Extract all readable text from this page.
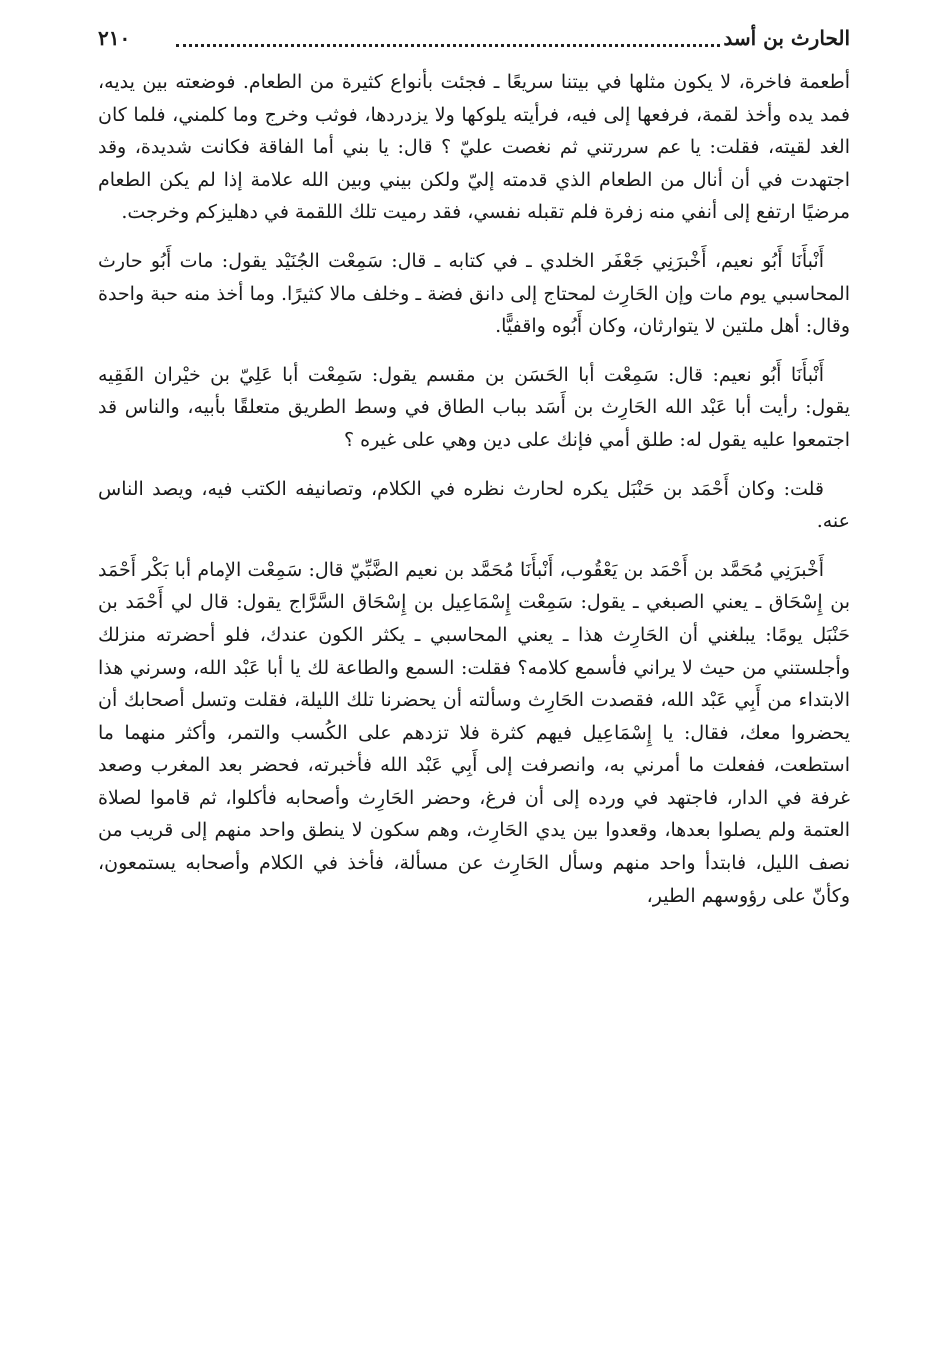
الحارث بن أسد
٢١٠

أطعمة فاخرة، لا يكون مثلها في بيتنا سريعًا ـ فجئت بأنواع كثيرة من الطعام. فوضعته بين يديه، فمد يده وأخذ لقمة، فرفعها إلى فيه، فرأيته يلوكها ولا يزدردها، فوثب وخرج وما كلمني، فلما كان الغد لقيته، فقلت: يا عم سررتني ثم نغصت عليّ ؟ قال: يا بني أما الفاقة فكانت شديدة، وقد اجتهدت في أن أنال من الطعام الذي قدمته إليّ ولكن بيني وبين الله علامة إذا لم يكن الطعام مرضيًا ارتفع إلى أنفي منه زفرة فلم تقبله نفسي، فقد رميت تلك اللقمة في دهليزكم وخرجت.

أَنْبأَنَا أَبُو نعيم، أَخْبرَنِي جَعْفَر الخلدي ـ في كتابه ـ قال: سَمِعْت الجُنَيْد يقول: مات أَبُو حارث المحاسبي يوم مات وإن الحَارِث لمحتاج إلى دانق فضة ـ وخلف مالا كثيرًا. وما أخذ منه حبة واحدة وقال: أهل ملتين لا يتوارثان، وكان أَبُوه واقفيًّا.

أَنْبأَنَا أَبُو نعيم: قال: سَمِعْت أبا الحَسَن بن مقسم يقول: سَمِعْت أبا عَلِيّ بن خيْران الفَقِيه يقول: رأيت أبا عَبْد الله الحَارِث بن أَسَد بباب الطاق في وسط الطريق متعلقًا بأبيه، والناس قد اجتمعوا عليه يقول له: طلق أمي فإنك على دين وهي على غيره ؟

قلت: وكان أَحْمَد بن حَنْبَل يكره لحارث نظره في الكلام، وتصانيفه الكتب فيه، ويصد الناس عنه.

أَخْبرَنِي مُحَمَّد بن أَحْمَد بن يَعْقُوب، أَنْبأَنَا مُحَمَّد بن نعيم الضَّبِّيّ قال: سَمِعْت الإمام أبا بَكْر أَحْمَد بن إِسْحَاق ـ يعني الصبغي ـ يقول: سَمِعْت إِسْمَاعِيل بن إِسْحَاق السَّرَّاج يقول: قال لي أَحْمَد بن حَنْبَل يومًا: يبلغني أن الحَارِث هذا ـ يعني المحاسبي ـ يكثر الكون عندك، فلو أحضرته منزلك وأجلستني من حيث لا يراني فأسمع كلامه؟ فقلت: السمع والطاعة لك يا أبا عَبْد الله، وسرني هذا الابتداء من أَبِي عَبْد الله، فقصدت الحَارِث وسألته أن يحضرنا تلك الليلة، فقلت وتسل أصحابك أن يحضروا معك، فقال: يا إِسْمَاعِيل فيهم كثرة فلا تزدهم على الكُسب والتمر، وأكثر منهما ما استطعت، ففعلت ما أمرني به، وانصرفت إلى أَبِي عَبْد الله فأخبرته، فحضر بعد المغرب وصعد غرفة في الدار، فاجتهد في ورده إلى أن فرغ، وحضر الحَارِث وأصحابه فأكلوا، ثم قاموا لصلاة العتمة ولم يصلوا بعدها، وقعدوا بين يدي الحَارِث، وهم سكون لا ينطق واحد منهم إلى قريب من نصف الليل، فابتدأ واحد منهم وسأل الحَارِث عن مسألة، فأخذ في الكلام وأصحابه يستمعون، وكأنّ على رؤوسهم الطير،
